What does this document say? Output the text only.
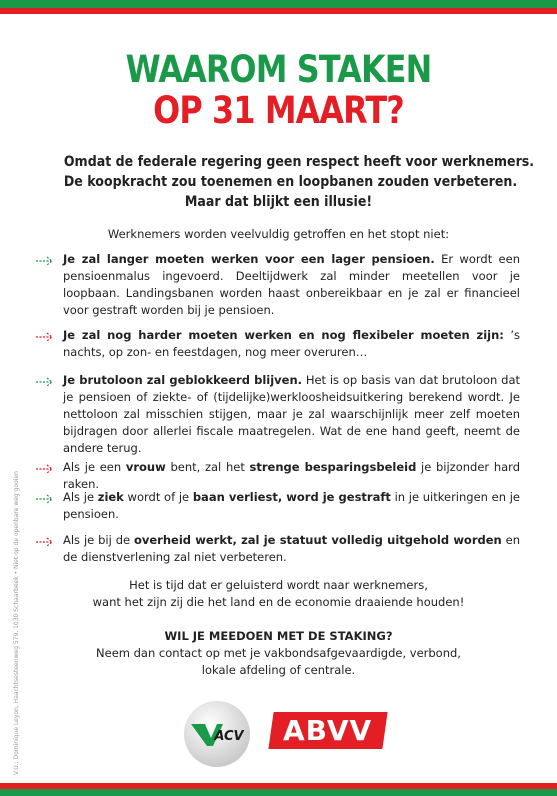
WAAROM STAKEN
OP 31 MAART?
Omdat de federale regering geen respect heeft voor werknemers.
De koopkracht zou toenemen en loopbanen zouden verbeteren.
Maar dat blijkt een illusie!
Werknemers worden veelvuldig getroffen en het stopt niet:
Je zal langer moeten werken voor een lager pensioen. Er wordt een pensioenmalus ingevoerd. Deeltijdwerk zal minder meetellen voor je loopbaan. Landingsbanen worden haast onbereikbaar en je zal er financieel voor gestraft worden bij je pensioen.
Je zal nog harder moeten werken en nog flexibeler moeten zijn: ’s nachts, op zon- en feestdagen, nog meer overuren…
Je brutoloon zal geblokkeerd blijven. Het is op basis van dat brutoloon dat je pensioen of ziekte- of (tijdelijke)werkloosheidsuitkering berekend wordt. Je nettoloon zal misschien stijgen, maar je zal waarschijnlijk meer zelf moeten bijdragen door allerlei fiscale maatregelen. Wat de ene hand geeft, neemt de andere terug.
Als je een vrouw bent, zal het strenge besparingsbeleid je bijzonder hard raken.
Als je ziek wordt of je baan verliest, word je gestraft in je uitkeringen en je pensioen.
Als je bij de overheid werkt, zal je statuut volledig uitgehold worden en de dienstverlening zal niet verbeteren.
Het is tijd dat er geluisterd wordt naar werknemers,
want het zijn zij die het land en de economie draaiende houden!
WIL JE MEEDOEN MET DE STAKING?
Neem dan contact op met je vakbondsafgevaardigde, verbond,
lokale afdeling of centrale.
V.U.: Dominique Leyon, Haachtsesteenweg 579, 1030 Schaarbeek • Niet op de openbare weg gooien	ACV	ABVV
